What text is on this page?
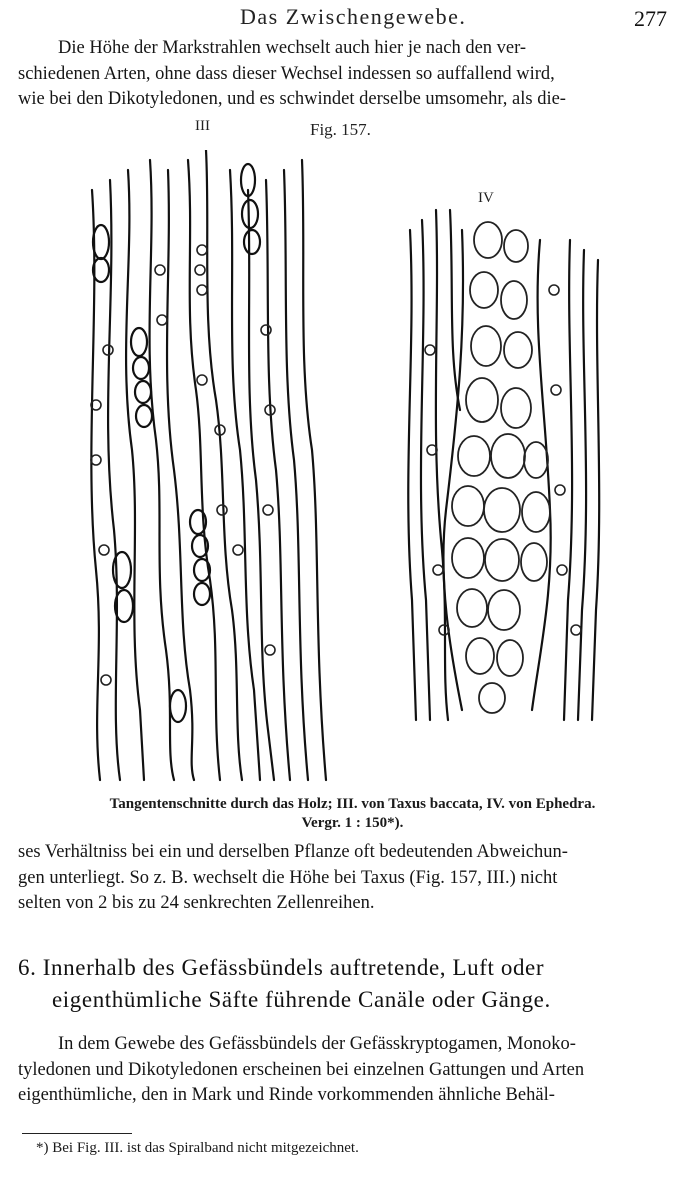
Das Zwischengewebe.	277

Die Höhe der Markstrahlen wechselt auch hier je nach den ver-
schiedenen Arten, ohne dass dieser Wechsel indessen so auffallend wird,
wie bei den Dikotyledonen, und es schwindet derselbe umsomehr, als die-

III	Fig. 157.
IV
Tangentenschnitte durch das Holz; III. von Taxus baccata, IV. von Ephedra.
Vergr. 1 : 150*).

ses Verhältniss bei ein und derselben Pflanze oft bedeutenden Abweichun-
gen unterliegt. So z. B. wechselt die Höhe bei Taxus (Fig. 157, III.) nicht
selten von 2 bis zu 24 senkrechten Zellenreihen.

6. Innerhalb des Gefässbündels auftretende, Luft oder
eigenthümliche Säfte führende Canäle oder Gänge.

In dem Gewebe des Gefässbündels der Gefässkryptogamen, Monoko-
tyledonen und Dikotyledonen erscheinen bei einzelnen Gattungen und Arten
eigenthümliche, den in Mark und Rinde vorkommenden ähnliche Behäl-

*) Bei Fig. III. ist das Spiralband nicht mitgezeichnet.
